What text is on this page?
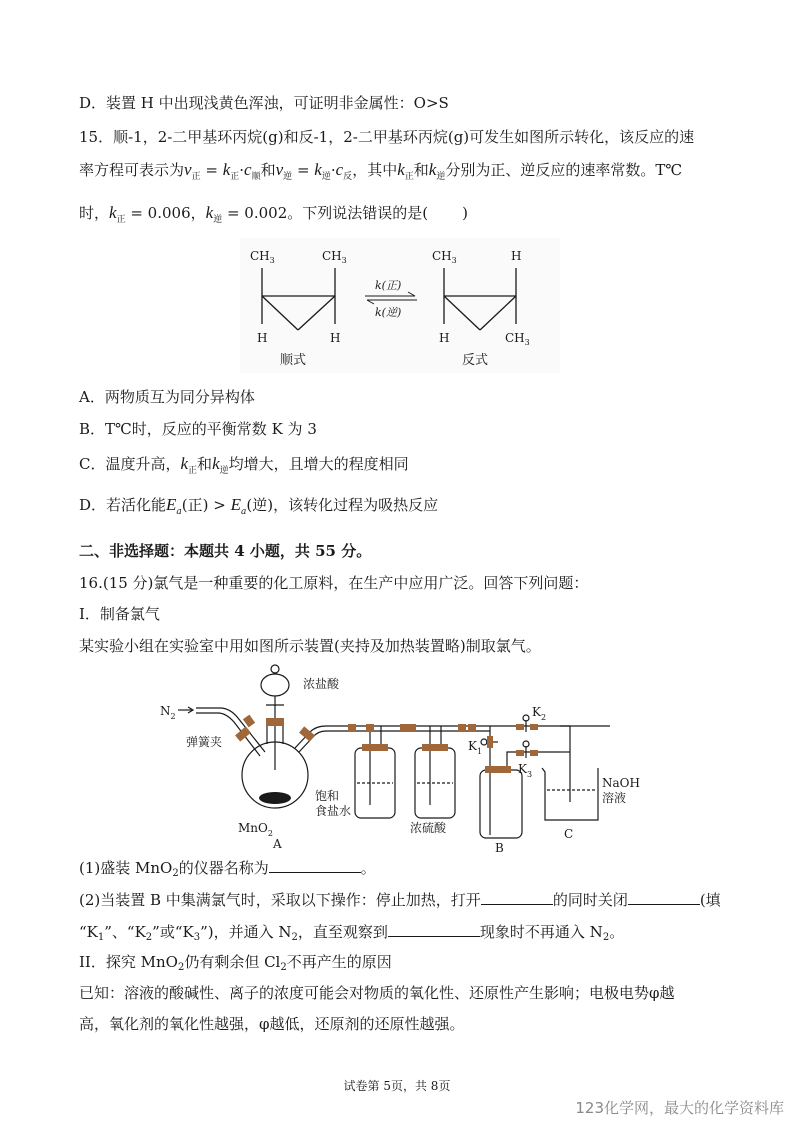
D．装置 H 中出现浅黄色浑浊，可证明非金属性：O>S
15．顺-1，2-二甲基环丙烷(g)和反-1，2-二甲基环丙烷(g)可发生如图所示转化，该反应的速
率方程可表示为$v_正 = k_正\cdot c_顺$和$v_逆 = k_逆\cdot c_反$，其中$k_正$和$k_逆$分别为正、逆反应的速率常数。T℃
时，$k_正 = 0.006$，$k_逆 = 0.002$。下列说法错误的是( )
$CH_3$	$CH_3$
H	H
顺式
k(正)
k(逆)
$CH_3$	H
H	$CH_3$
反式
A．两物质互为同分异构体
B．T℃时，反应的平衡常数 K 为 3
C．温度升高，$k_正$和$k_逆$均增大，且增大的程度相同
D．若活化能$E_a$(正) > $E_a$(逆)，该转化过程为吸热反应
二、非选择题：本题共 4 小题，共 55 分。
16.(15 分)氯气是一种重要的化工原料，在生产中应用广泛。回答下列问题：
I．制备氯气
某实验小组在实验室中用如图所示装置(夹持及加热装置略)制取氯气。
$N_2$
弹簧夹
浓盐酸
MnO$_2$
A
饱和
食盐水
浓硫酸
$K_1$
$K_2$
$K_3$
B
NaOH
溶液
C
(1)盛装 MnO$_2$的仪器名称为	。
(2)当装置 B 中集满氯气时，采取以下操作：停止加热，打开	的同时关闭	(填
“$K_1$”、“$K_2$”或“$K_3$”)，并通入 $N_2$，直至观察到	现象时不再通入 $N_2$。
II．探究 MnO$_2$仍有剩余但 $Cl_2$不再产生的原因
已知：溶液的酸碱性、离子的浓度可能会对物质的氧化性、还原性产生影响；电极电势φ越
高，氧化剂的氧化性越强，φ越低，还原剂的还原性越强。
试卷第 5页，共 8页
123化学网，最大的化学资料库
